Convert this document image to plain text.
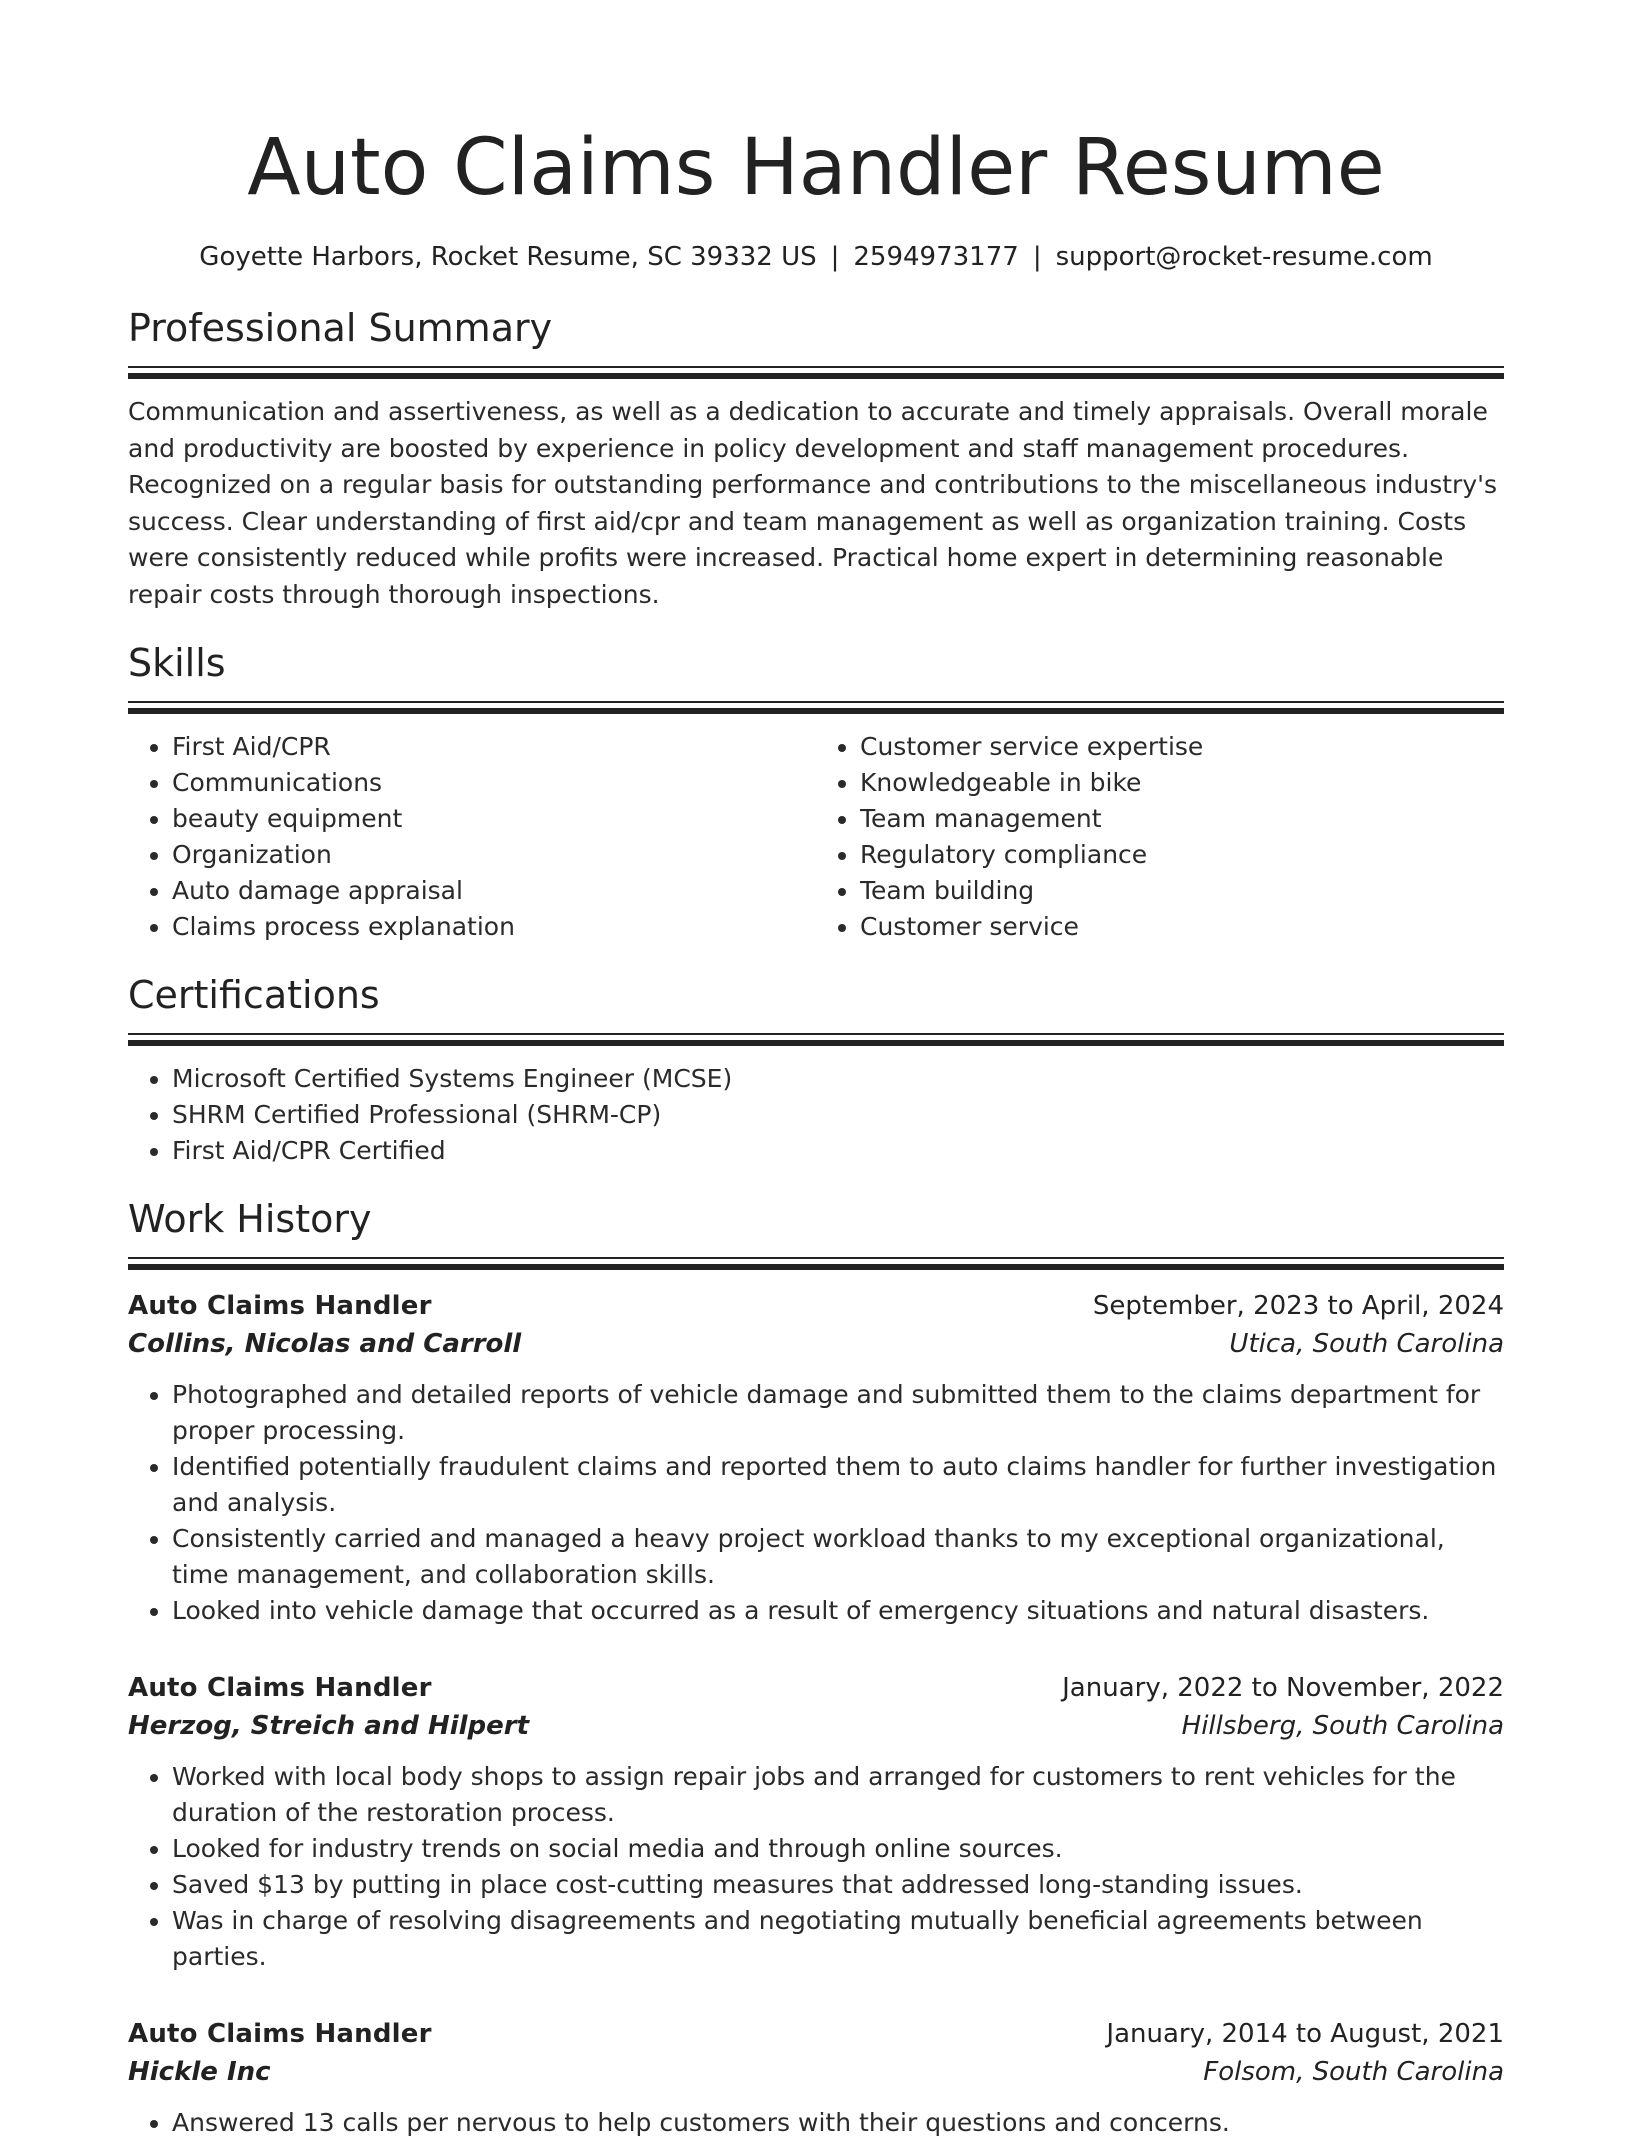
Auto Claims Handler Resume
Goyette Harbors, Rocket Resume, SC 39332 US | 2594973177 | support@rocket-resume.com
Professional Summary

Communication and assertiveness, as well as a dedication to accurate and timely appraisals. Overall morale and productivity are boosted by experience in policy development and staff management procedures. Recognized on a regular basis for outstanding performance and contributions to the miscellaneous industry's success. Clear understanding of first aid/cpr and team management as well as organization training. Costs were consistently reduced while profits were increased. Practical home expert in determining reasonable repair costs through thorough inspections.

Skills
• First Aid/CPR
• Communications
• beauty equipment
• Organization
• Auto damage appraisal
• Claims process explanation
• Customer service expertise
• Knowledgeable in bike
• Team management
• Regulatory compliance
• Team building
• Customer service
Certifications
• Microsoft Certified Systems Engineer (MCSE)
• SHRM Certified Professional (SHRM-CP)
• First Aid/CPR Certified
Work History
Auto Claims Handler	September, 2023 to April, 2024
Collins, Nicolas and Carroll	Utica, South Carolina
• Photographed and detailed reports of vehicle damage and submitted them to the claims department for proper processing.
• Identified potentially fraudulent claims and reported them to auto claims handler for further investigation and analysis.
• Consistently carried and managed a heavy project workload thanks to my exceptional organizational, time management, and collaboration skills.
• Looked into vehicle damage that occurred as a result of emergency situations and natural disasters.
Auto Claims Handler	January, 2022 to November, 2022
Herzog, Streich and Hilpert	Hillsberg, South Carolina
• Worked with local body shops to assign repair jobs and arranged for customers to rent vehicles for the duration of the restoration process.
• Looked for industry trends on social media and through online sources.
• Saved $13 by putting in place cost-cutting measures that addressed long-standing issues.
• Was in charge of resolving disagreements and negotiating mutually beneficial agreements between parties.
Auto Claims Handler	January, 2014 to August, 2021
Hickle Inc	Folsom, South Carolina
• Answered 13 calls per nervous to help customers with their questions and concerns.
